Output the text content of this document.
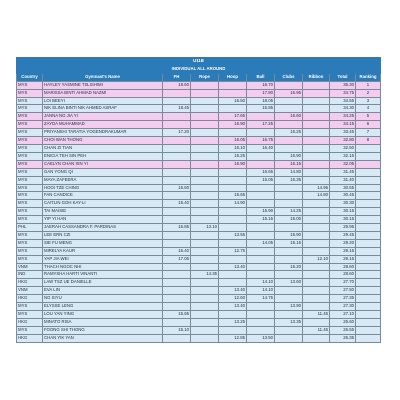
U11B									
INDIVIDUAL ALL AROUND									
Country	Gymnast's Name	FH	Rope	Hoop	Ball	Clubs	Ribbon	Total	Ranking
MYS	HAYLEY YASMINE TSLISHIMI	18.60			16.70			35.30	1
MYS	MARISSA BINTI AHMAD NAZMI				17.80	16.95		34.75	2
MYS	LOI BEEYI			16.50	18.05			34.55	3
MYS	NIK ELINA BINTI NIK AHMED ASRAF	18.45			15.85			34.30	4
MYS	JANNA NG JIA YI			17.65		16.60		34.25	5
MYS	ZAYDA MUHAMMAD			16.90	17.25			34.15	6
MYS	PRIYANSHI TARATIA YOGENDRAKUMAR	17.20				16.25		33.45	7
MYS	CHOI WAN THONG			16.05	16.75			32.80	8
MYS	CHAN ZI TIAN			16.10	16.40			32.50	
MYS	ENICIA TEH SIN PEH			15.25		16.90		32.15	
MYS	CAELYN CHAN XIN YI			16.90		15.15		32.05	
MYS	GAN YONG QI				16.65	14.80		31.45	
MYS	MAYA ZAFEERA				15.05	16.35		31.40	
MYS	HOOI TZE CHING	15.60					14.95	30.55	
MYS	FAN CANDICE			15.65			14.80	30.45	
MYS	CAITLIN GOH KAY-LI	15.40		14.90				30.30	
MYS	TAI MAISIE				15.90	14.25		30.15	
MYS	YIP YI HAN				15.15	15.00		30.15	
PHL	JAERAH CASSANDRA F. PARDINAS	16.85	13.10					29.95	
MYS	LEE ERN CZI			13.55		15.90		29.45	
MYS	SIE FU MENG				14.05	15.15		29.20	
MYS	MIRELYA KAUR	16.40		12.75				29.15	
MYS	YAP JIA WEI	17.05					12.10	29.15	
VNM	THACH NGOC NHI			13.40		15.20		28.60	
IND	RAMYSHA HARTI VINANTI		14.35					28.60	
HKG	LAW TSZ UE DANIELLE				14.10	13.60		27.70	
VNM	EVA LIN			13.40	14.10			27.50	
HKG	NG SIYU			12.60	14.75			27.35	
MYS	ELYSSE LENG			13.40		13.90		27.30	
MYS	LOU YAN YING	15.65					11.45	27.10	
HKG	MINATO RISA			13.25		13.35		26.60	
MYS	FOONG SHI THONG	15.10					11.45	26.55	
HKG	CHAN YIK YAN			12.85	13.50			26.35	
